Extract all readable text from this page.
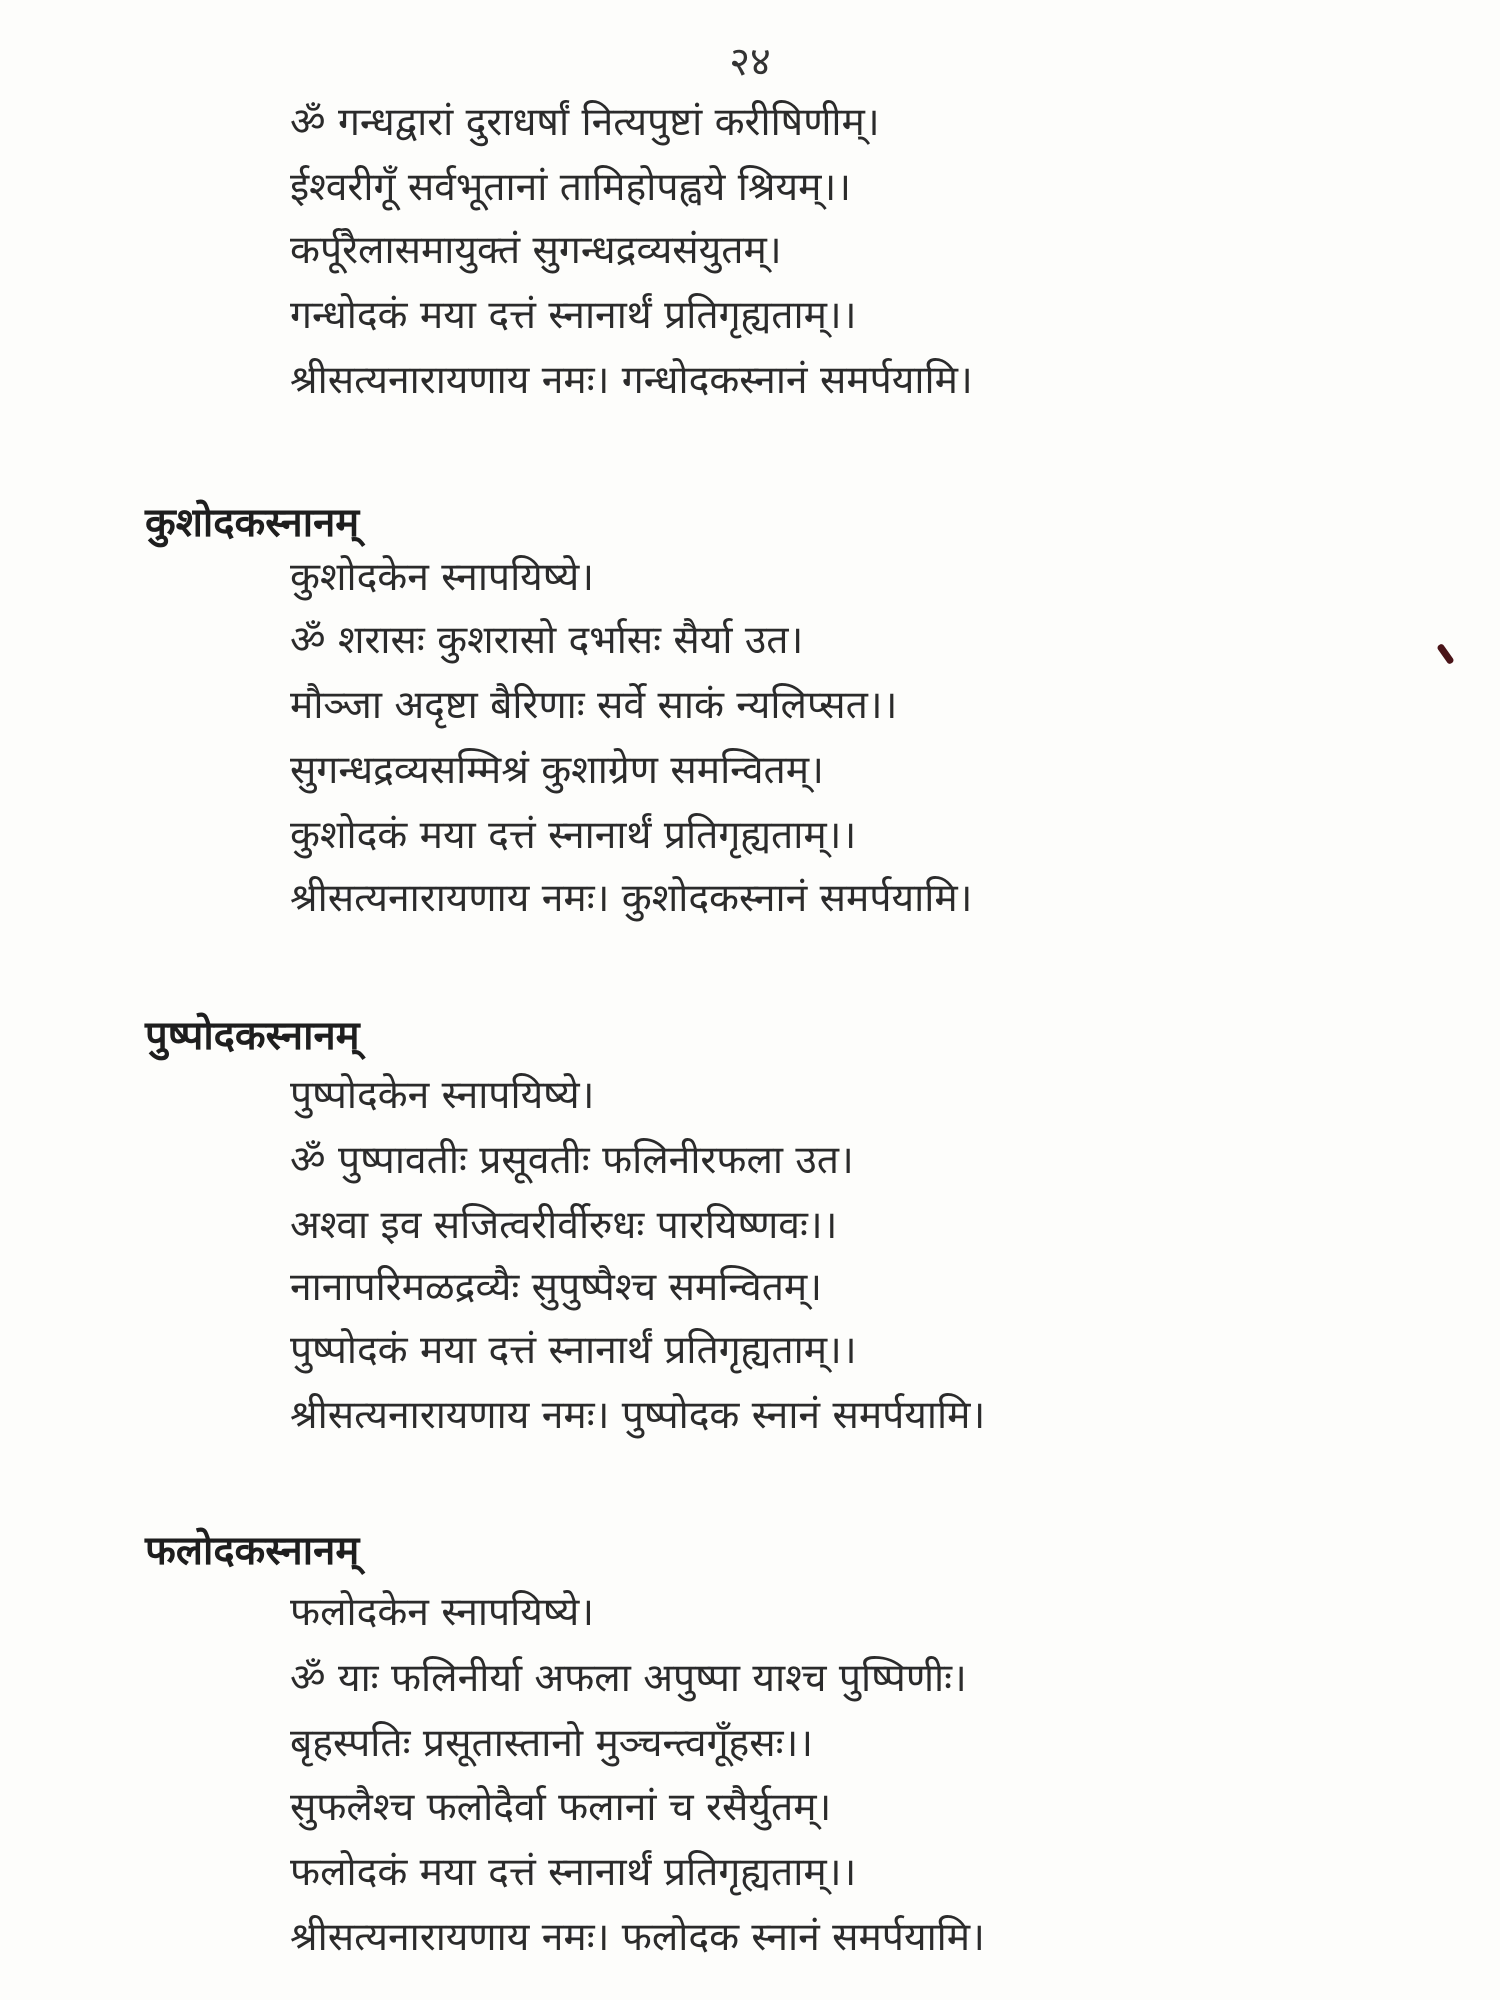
२४
ॐ गन्धद्वारां दुराधर्षां नित्यपुष्टां करीषिणीम्।
ईश्वरीगूँ सर्वभूतानां तामिहोपह्वये श्रियम्।।
कर्पूरैलासमायुक्तं सुगन्धद्रव्यसंयुतम्।
गन्धोदकं मया दत्तं स्नानार्थं प्रतिगृह्यताम्।।
श्रीसत्यनारायणाय नमः। गन्धोदकस्नानं समर्पयामि।
कुशोदकस्नानम्
कुशोदकेन स्नापयिष्ये।
ॐ शरासः कुशरासो दर्भासः सैर्या उत।
मौञ्जा अदृष्टा बैरिणाः सर्वे साकं न्यलिप्सत।।
सुगन्धद्रव्यसम्मिश्रं कुशाग्रेण समन्वितम्।
कुशोदकं मया दत्तं स्नानार्थं प्रतिगृह्यताम्।।
श्रीसत्यनारायणाय नमः। कुशोदकस्नानं समर्पयामि।
पुष्पोदकस्नानम्
पुष्पोदकेन स्नापयिष्ये।
ॐ पुष्पावतीः प्रसूवतीः फलिनीरफला उत।
अश्वा इव सजित्वरीर्वीरुधः पारयिष्णवः।।
नानापरिमळद्रव्यैः सुपुष्पैश्च समन्वितम्।
पुष्पोदकं मया दत्तं स्नानार्थं प्रतिगृह्यताम्।।
श्रीसत्यनारायणाय नमः। पुष्पोदक स्नानं समर्पयामि।
फलोदकस्नानम्
फलोदकेन स्नापयिष्ये।
ॐ याः फलिनीर्या अफला अपुष्पा याश्च पुष्पिणीः।
बृहस्पतिः प्रसूतास्तानो मुञ्चन्त्वगूँहसः।।
सुफलैश्च फलोदैर्वा फलानां च रसैर्युतम्।
फलोदकं मया दत्तं स्नानार्थं प्रतिगृह्यताम्।।
श्रीसत्यनारायणाय नमः। फलोदक स्नानं समर्पयामि।
